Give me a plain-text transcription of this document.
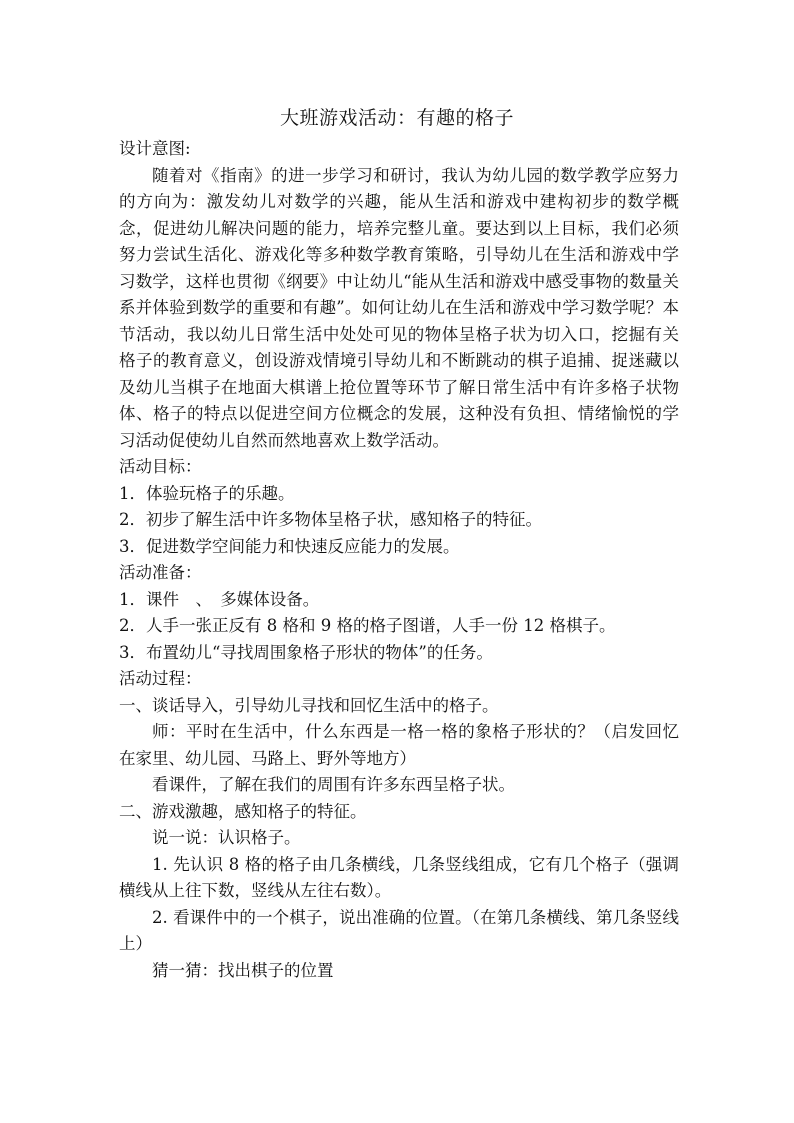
大班游戏活动：有趣的格子

设计意图:

随着对《指南》的进一步学习和研讨，我认为幼儿园的数学教学应努力的方向为：激发幼儿对数学的兴趣，能从生活和游戏中建构初步的数学概念，促进幼儿解决问题的能力，培养完整儿童。要达到以上目标，我们必须努力尝试生活化、游戏化等多种数学教育策略，引导幼儿在生活和游戏中学习数学，这样也贯彻《纲要》中让幼儿“能从生活和游戏中感受事物的数量关系并体验到数学的重要和有趣”。如何让幼儿在生活和游戏中学习数学呢？本节活动，我以幼儿日常生活中处处可见的物体呈格子状为切入口，挖掘有关格子的教育意义，创设游戏情境引导幼儿和不断跳动的棋子追捕、捉迷藏以及幼儿当棋子在地面大棋谱上抢位置等环节了解日常生活中有许多格子状物体、格子的特点以促进空间方位概念的发展，这种没有负担、情绪愉悦的学习活动促使幼儿自然而然地喜欢上数学活动。

活动目标：

1．体验玩格子的乐趣。

2．初步了解生活中许多物体呈格子状，感知格子的特征。

3．促进数学空间能力和快速反应能力的发展。

活动准备：

1．课件　、　多媒体设备。

2．人手一张正反有 8 格和 9 格的格子图谱，人手一份 12 格棋子。

3．布置幼儿“寻找周围象格子形状的物体”的任务。

活动过程：

一、谈话导入，引导幼儿寻找和回忆生活中的格子。

师：平时在生活中，什么东西是一格一格的象格子形状的？（启发回忆在家里、幼儿园、马路上、野外等地方）

看课件，了解在我们的周围有许多东西呈格子状。

二、游戏激趣，感知格子的特征。

说一说：认识格子。

1. 先认识 8 格的格子由几条横线，几条竖线组成，它有几个格子（强调横线从上往下数，竖线从左往右数）。

2. 看课件中的一个棋子，说出准确的位置。（在第几条横线、第几条竖线上）

猜一猜：找出棋子的位置
